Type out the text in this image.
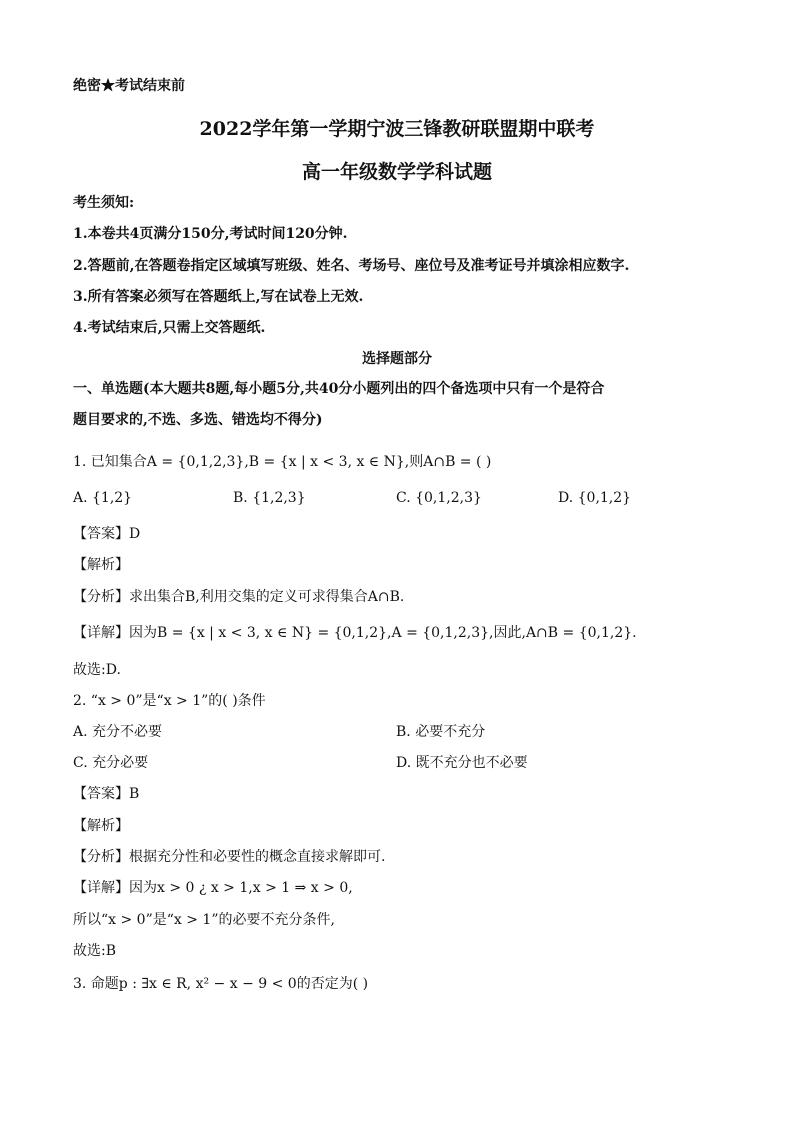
绝密★考试结束前
2022学年第一学期宁波三锋教研联盟期中联考
高一年级数学学科试题
考生须知:
1.本卷共4页满分150分,考试时间120分钟.
2.答题前,在答题卷指定区域填写班级、姓名、考场号、座位号及准考证号并填涂相应数字.
3.所有答案必须写在答题纸上,写在试卷上无效.
4.考试结束后,只需上交答题纸.
选择题部分
一、单选题(本大题共8题,每小题5分,共40分小题列出的四个备选项中只有一个是符合
题目要求的,不选、多选、错选均不得分)
1. 已知集合A = {0,1,2,3},B = {x | x < 3, x ∈ N},则A∩B = ( )
A. {1,2}	B. {1,2,3}	C. {0,1,2,3}	D. {0,1,2}
【答案】D
【解析】
【分析】求出集合B,利用交集的定义可求得集合A∩B.
【详解】因为B = {x | x < 3, x ∈ N} = {0,1,2},A = {0,1,2,3},因此,A∩B = {0,1,2}.
故选:D.
2. “x > 0”是“x > 1”的( )条件
A. 充分不必要	B. 必要不充分
C. 充分必要	D. 既不充分也不必要
【答案】B
【解析】
【分析】根据充分性和必要性的概念直接求解即可.
【详解】因为x > 0 ¿ x > 1,x > 1 ⇒ x > 0,
所以“x > 0”是“x > 1”的必要不充分条件,
故选:B
3. 命题p : ∃x ∈ R, x² − x − 9 < 0的否定为( )
